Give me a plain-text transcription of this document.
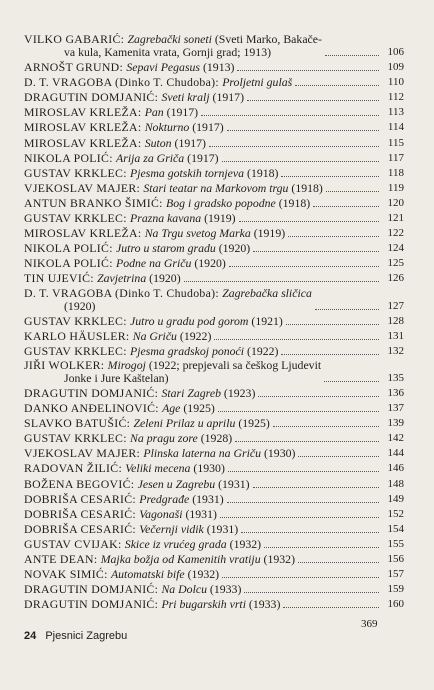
VILKO GABARIĆ: Zagrebački soneti (Sveti Marko, Bakače-
va kula, Kamenita vrata, Gornji grad; 1913)	106
ARNOŠT GRUND: Sepavi Pegasus (1913)	109
D. T. VRAGOBA (Dinko T. Chudoba): Proljetni gulaš	110
DRAGUTIN DOMJANIĆ: Sveti kralj (1917)	112
MIROSLAV KRLEŽA: Pan (1917)	113
MIROSLAV KRLEŽA: Nokturno (1917)	114
MIROSLAV KRLEŽA: Suton (1917)	115
NIKOLA POLIĆ: Arija za Griča (1917)	117
GUSTAV KRKLEC: Pjesma gotskih tornjeva (1918)	118
VJEKOSLAV MAJER: Stari teatar na Markovom trgu (1918)	119
ANTUN BRANKO ŠIMIĆ: Bog i gradsko popodne (1918)	120
GUSTAV KRKLEC: Prazna kavana (1919)	121
MIROSLAV KRLEŽA: Na Trgu svetog Marka (1919)	122
NIKOLA POLIĆ: Jutro u starom gradu (1920)	124
NIKOLA POLIĆ: Podne na Griču (1920)	125
TIN UJEVIĆ: Zavjetrina (1920)	126
D. T. VRAGOBA (Dinko T. Chudoba): Zagrebačka sličica
(1920)	127
GUSTAV KRKLEC: Jutro u gradu pod gorom (1921)	128
KARLO HÄUSLER: Na Griču (1922)	131
GUSTAV KRKLEC: Pjesma gradskoj ponoći (1922)	132
JIŘI WOLKER: Mirogoj (1922; prepjevali sa češkog Ljudevit
Jonke i Jure Kaštelan)	135
DRAGUTIN DOMJANIĆ: Stari Zagreb (1923)	136
DANKO ANĐELINOVIĆ: Age (1925)	137
SLAVKO BATUŠIĆ: Zeleni Prilaz u aprilu (1925)	139
GUSTAV KRKLEC: Na pragu zore (1928)	142
VJEKOSLAV MAJER: Plinska laterna na Griču (1930)	144
RADOVAN ŽILIĆ: Veliki mecena (1930)	146
BOŽENA BEGOVIĆ: Jesen u Zagrebu (1931)	148
DOBRIŠA CESARIĆ: Predgrađe (1931)	149
DOBRIŠA CESARIĆ: Vagonaši (1931)	152
DOBRIŠA CESARIĆ: Večernji vidik (1931)	154
GUSTAV CVIJAK: Skice iz vrućeg grada (1932)	155
ANTE DEAN: Majka božja od Kamenitih vratiju (1932)	156
NOVAK SIMIĆ: Automatski bife (1932)	157
DRAGUTIN DOMJANIĆ: Na Dolcu (1933)	159
DRAGUTIN DOMJANIĆ: Pri bugarskih vrti (1933)	160
369
24 Pjesnici Zagrebu
